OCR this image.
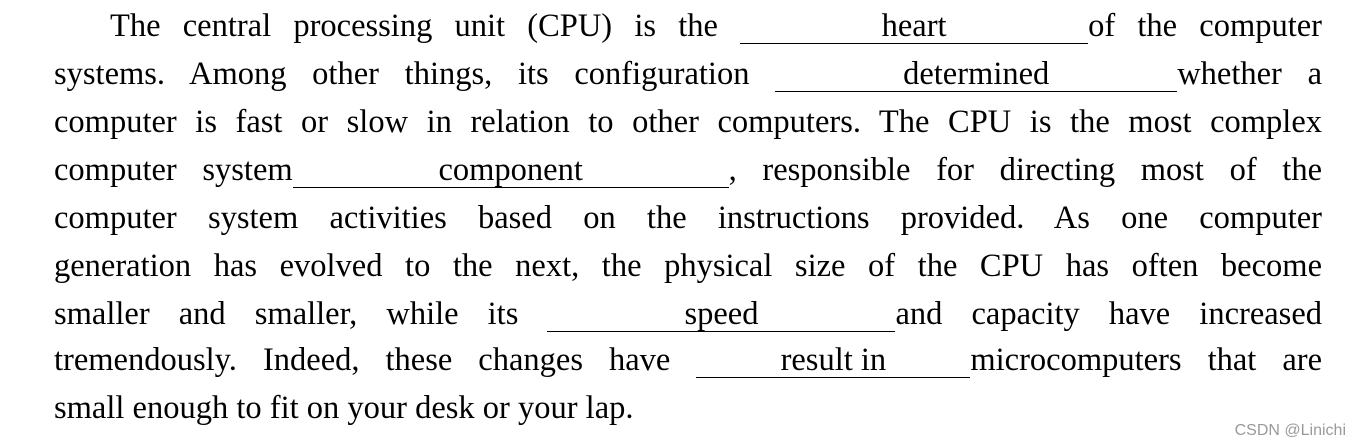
The central processing unit (CPU) is the	heart	of the computer
systems. Among other things, its configuration	determined	whether a
computer is fast or slow in relation to other computers. The CPU is the most complex
computer system	component	, responsible for directing most of the
computer system activities based on the instructions provided. As one computer
generation has evolved to the next, the physical size of the CPU has often become
smaller and smaller, while its	speed	and capacity have increased
tremendously. Indeed, these changes have	result in	microcomputers that are
small enough to fit on your desk or your lap.
CSDN @Linichi
